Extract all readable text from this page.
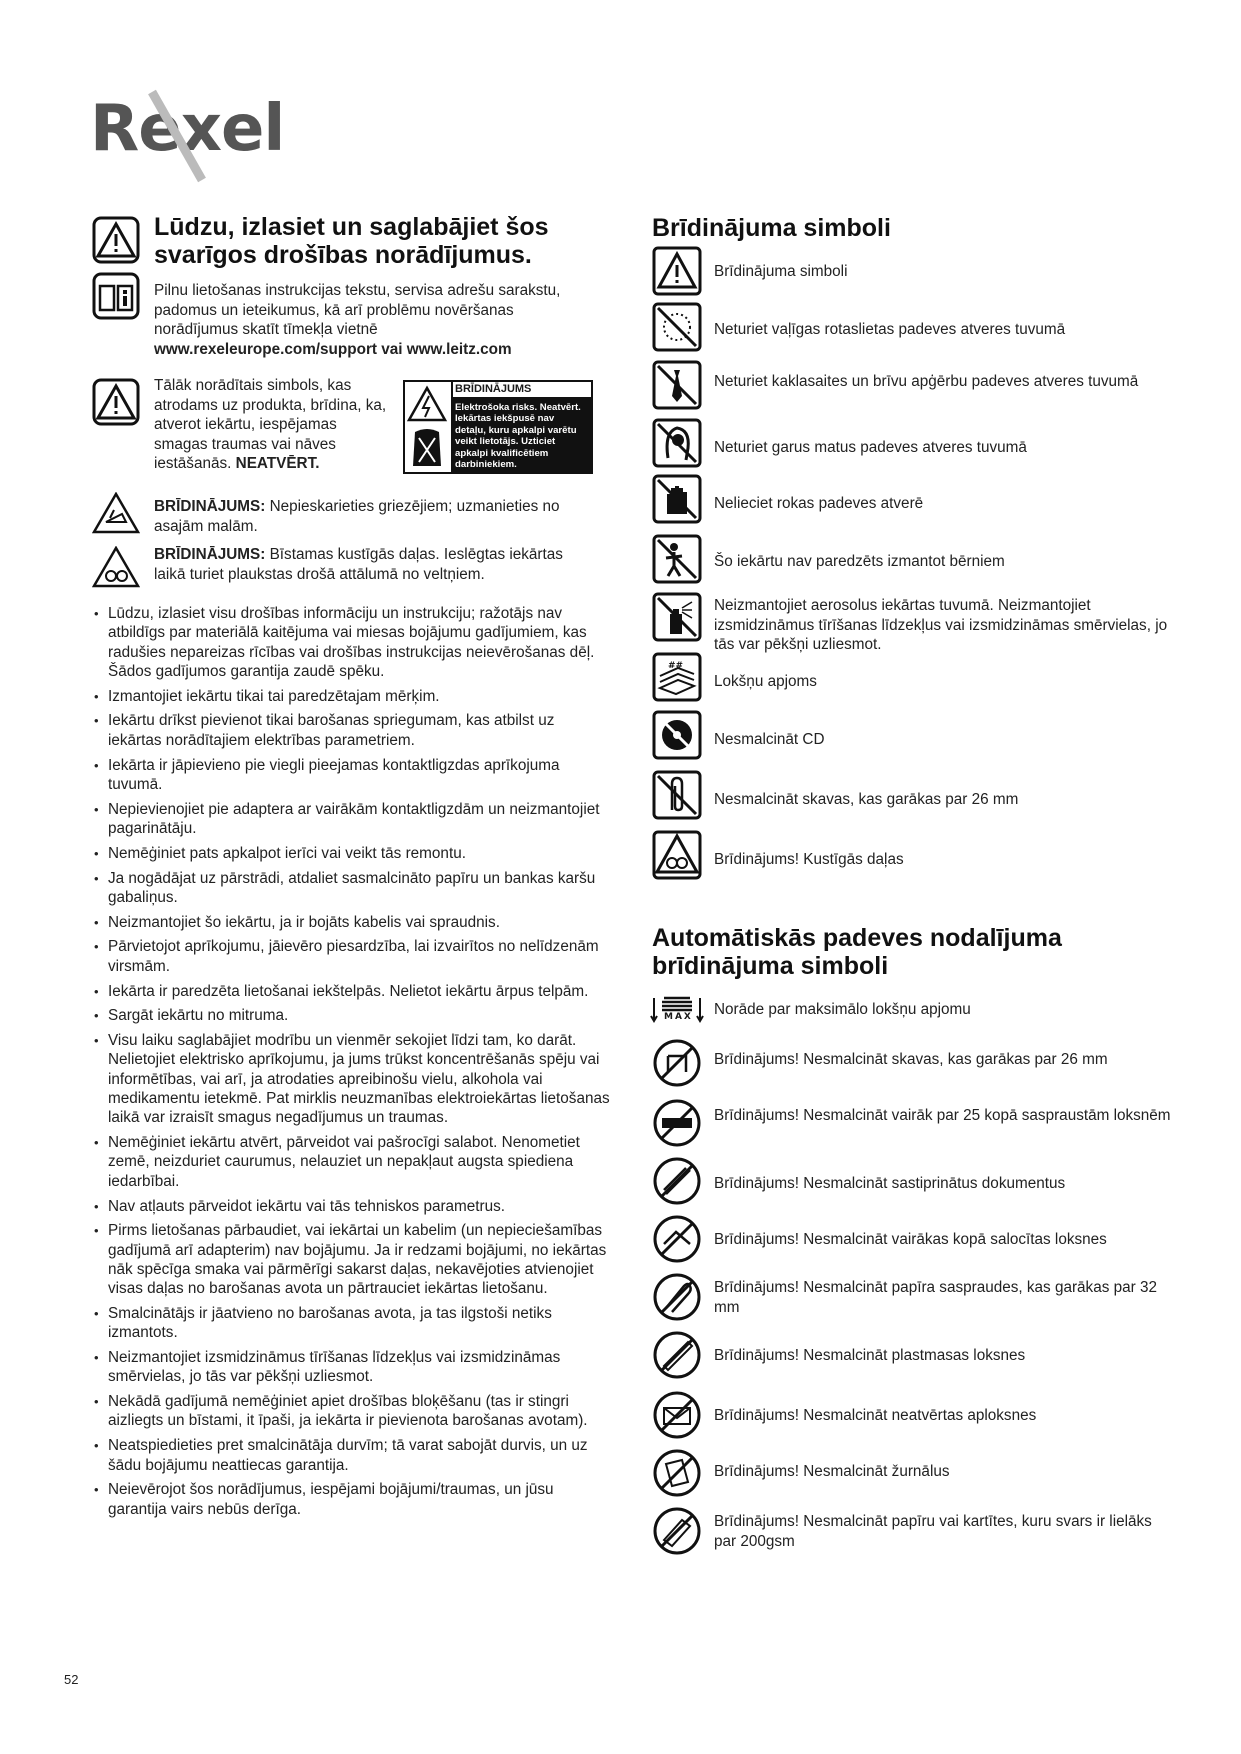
Rexel
Lūdzu, izlasiet un saglabājiet šos svarīgos drošības norādījumus.
Pilnu lietošanas instrukcijas tekstu, servisa adrešu sarakstu, padomus un ieteikumus, kā arī problēmu novēršanas norādījumus skatīt tīmekļa vietnē www.rexeleurope.com/support vai www.leitz.com
Tālāk norādītais simbols, kas atrodams uz produkta, brīdina, ka, atverot iekārtu, iespējamas smagas traumas vai nāves iestāšanās. NEATVĒRT.
BRĪDINĀJUMS
Elektrošoka risks. Neatvērt. Iekārtas iekšpusē nav detaļu, kuru apkalpi varētu veikt lietotājs. Uzticiet apkalpi kvalificētiem darbiniekiem.
BRĪDINĀJUMS: Nepieskarieties griezējiem; uzmanieties no asajām malām.
BRĪDINĀJUMS: Bīstamas kustīgās daļas. Ieslēgtas iekārtas laikā turiet plaukstas drošā attālumā no veltņiem.
• Lūdzu, izlasiet visu drošības informāciju un instrukciju; ražotājs nav atbildīgs par materiālā kaitējuma vai miesas bojājumu gadījumiem, kas radušies nepareizas rīcības vai drošības instrukcijas neievērošanas dēļ. Šādos gadījumos garantija zaudē spēku.
• Izmantojiet iekārtu tikai tai paredzētajam mērķim.
• Iekārtu drīkst pievienot tikai barošanas spriegumam, kas atbilst uz iekārtas norādītajiem elektrības parametriem.
• Iekārta ir jāpievieno pie viegli pieejamas kontaktligzdas aprīkojuma tuvumā.
• Nepievienojiet pie adaptera ar vairākām kontaktligzdām un neizmantojiet pagarinātāju.
• Nemēģiniet pats apkalpot ierīci vai veikt tās remontu.
• Ja nogādājat uz pārstrādi, atdaliet sasmalcināto papīru un bankas karšu gabaliņus.
• Neizmantojiet šo iekārtu, ja ir bojāts kabelis vai spraudnis.
• Pārvietojot aprīkojumu, jāievēro piesardzība, lai izvairītos no nelīdzenām virsmām.
• Iekārta ir paredzēta lietošanai iekštelpās. Nelietot iekārtu ārpus telpām.
• Sargāt iekārtu no mitruma.
• Visu laiku saglabājiet modrību un vienmēr sekojiet līdzi tam, ko darāt. Nelietojiet elektrisko aprīkojumu, ja jums trūkst koncentrēšanās spēju vai informētības, vai arī, ja atrodaties apreibinošu vielu, alkohola vai medikamentu ietekmē. Pat mirklis neuzmanības elektroiekārtas lietošanas laikā var izraisīt smagus negadījumus un traumas.
• Nemēģiniet iekārtu atvērt, pārveidot vai pašrocīgi salabot. Nenometiet zemē, neizduriet caurumus, nelauziet un nepakļaut augsta spiediena iedarbībai.
• Nav atļauts pārveidot iekārtu vai tās tehniskos parametrus.
• Pirms lietošanas pārbaudiet, vai iekārtai un kabelim (un nepieciešamības gadījumā arī adapterim) nav bojājumu. Ja ir redzami bojājumi, no iekārtas nāk spēcīga smaka vai pārmērīgi sakarst daļas, nekavējoties atvienojiet visas daļas no barošanas avota un pārtrauciet iekārtas lietošanu.
• Smalcinātājs ir jāatvieno no barošanas avota, ja tas ilgstoši netiks izmantots.
• Neizmantojiet izsmidzināmus tīrīšanas līdzekļus vai izsmidzināmas smērvielas, jo tās var pēkšņi uzliesmot.
• Nekādā gadījumā nemēģiniet apiet drošības bloķēšanu (tas ir stingri aizliegts un bīstami, it īpaši, ja iekārta ir pievienota barošanas avotam).
• Neatspiedieties pret smalcinātāja durvīm; tā varat sabojāt durvis, un uz šādu bojājumu neattiecas garantija.
• Neievērojot šos norādījumus, iespējami bojājumi/traumas, un jūsu garantija vairs nebūs derīga.
Brīdinājuma simboli
Brīdinājuma simboli
Neturiet vaļīgas rotaslietas padeves atveres tuvumā
Neturiet kaklasaites un brīvu apģērbu padeves atveres tuvumā
Neturiet garus matus padeves atveres tuvumā
Nelieciet rokas padeves atverē
Šo iekārtu nav paredzēts izmantot bērniem
Neizmantojiet aerosolus iekārtas tuvumā. Neizmantojiet izsmidzināmus tīrīšanas līdzekļus vai izsmidzināmas smērvielas, jo tās var pēkšņi uzliesmot.
##
Lokšņu apjoms
Nesmalcināt CD
Nesmalcināt skavas, kas garākas par 26 mm
Brīdinājums! Kustīgās daļas
Automātiskās padeves nodalījuma brīdinājuma simboli
MAX Norāde par maksimālo lokšņu apjomu
Brīdinājums! Nesmalcināt skavas, kas garākas par 26 mm
Brīdinājums! Nesmalcināt vairāk par 25 kopā saspraustām loksnēm
Brīdinājums! Nesmalcināt sastiprinātus dokumentus
Brīdinājums! Nesmalcināt vairākas kopā salocītas loksnes
Brīdinājums! Nesmalcināt papīra saspraudes, kas garākas par 32 mm
Brīdinājums! Nesmalcināt plastmasas loksnes
Brīdinājums! Nesmalcināt neatvērtas aploksnes
Brīdinājums! Nesmalcināt žurnālus
Brīdinājums! Nesmalcināt papīru vai kartītes, kuru svars ir lielāks par 200gsm
52
